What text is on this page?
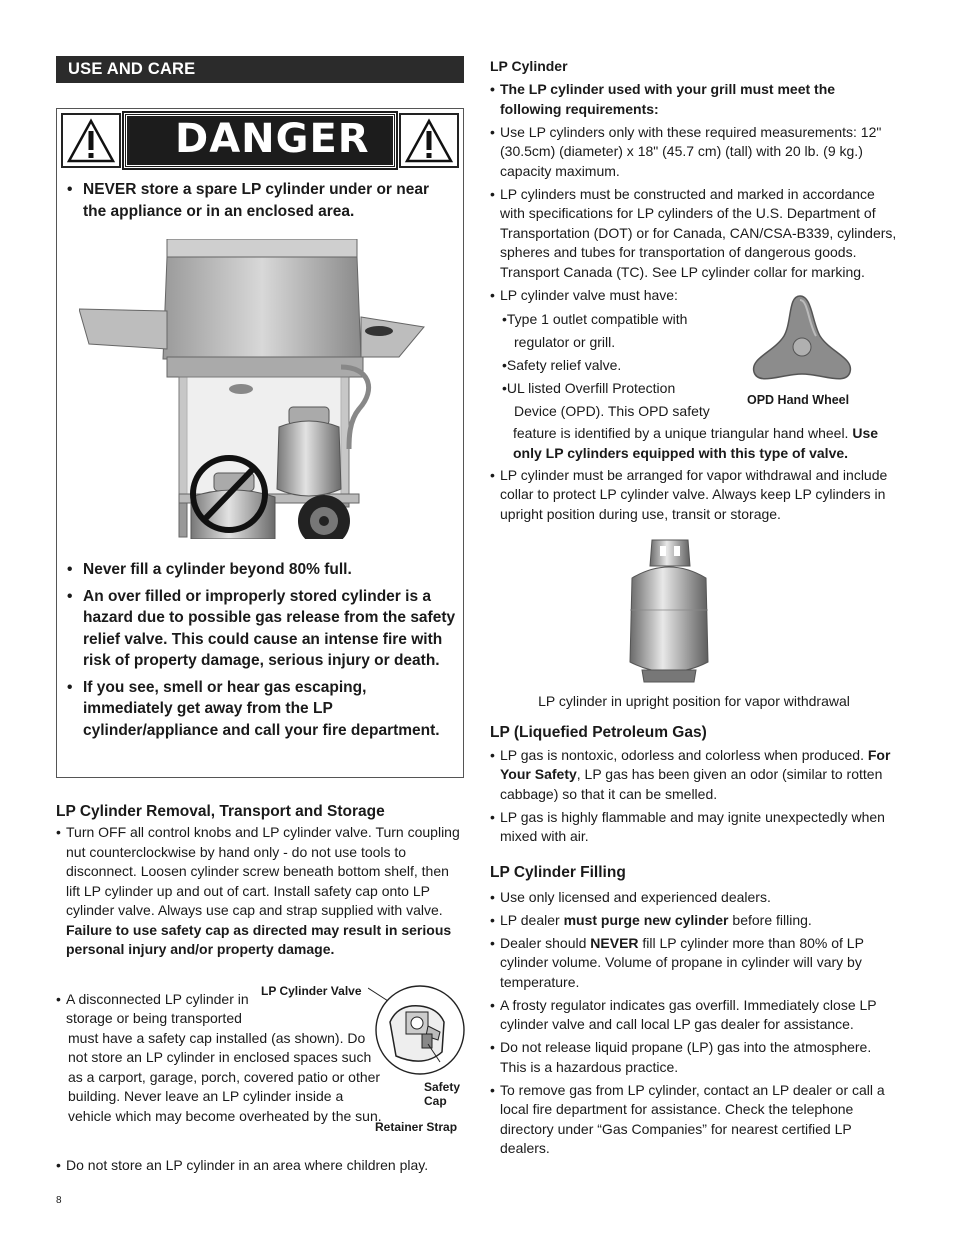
USE AND CARE
DANGER
• NEVER store a spare LP cylinder under or near the appliance or in an enclosed area.
• Never fill a cylinder beyond 80% full.
• An over filled or improperly stored cylinder is a hazard due to possible gas release from the safety relief valve. This could cause an intense fire with risk of property damage, serious injury or death.
• If you see, smell or hear gas escaping, immediately get away from the LP cylinder/appliance and call your fire department.
LP Cylinder Removal, Transport and Storage
• Turn OFF all control knobs and LP cylinder valve. Turn coupling nut counterclockwise by hand only - do not use tools to disconnect. Loosen cylinder screw beneath bottom shelf, then lift LP cylinder up and out of cart. Install safety cap onto LP cylinder valve. Always use cap and strap supplied with valve. Failure to use safety cap as directed may result in serious personal injury and/or property damage.
• A disconnected LP cylinder in storage or being transported
must have a safety cap installed (as shown). Do not store an LP cylinder in enclosed spaces such as a carport, garage, porch, covered patio or other building. Never leave an LP cylinder inside a vehicle which may become overheated by the sun.
LP Cylinder Valve
Safety Cap
Retainer Strap
• Do not store an LP cylinder in an area where children play.
8
LP Cylinder
• The LP cylinder used with your grill must meet the following requirements:
• Use LP cylinders only with these required measurements: 12" (30.5cm) (diameter) x 18" (45.7 cm) (tall) with 20 lb. (9 kg.) capacity maximum.
• LP cylinders must be constructed and marked in accordance with specifications for LP cylinders of the U.S. Department of Transportation (DOT) or for Canada, CAN/CSA-B339, cylinders, spheres and tubes for transportation of dangerous goods. Transport Canada (TC). See LP cylinder collar for marking.
• LP cylinder valve must have:
•Type 1 outlet compatible with
regulator or grill.
•Safety relief valve.
•UL listed Overfill Protection
Device (OPD). This OPD safety
OPD Hand Wheel
feature is identified by a unique triangular hand wheel. Use only LP cylinders equipped with this type of valve.
• LP cylinder must be arranged for vapor withdrawal and include collar to protect LP cylinder valve. Always keep LP cylinders in upright position during use, transit or storage.
LP cylinder in upright position for vapor withdrawal
LP (Liquefied Petroleum Gas)
• LP gas is nontoxic, odorless and colorless when produced. For Your Safety, LP gas has been given an odor (similar to rotten cabbage) so that it can be smelled.
• LP gas is highly flammable and may ignite unexpectedly when mixed with air.
LP Cylinder Filling
• Use only licensed and experienced dealers.
• LP dealer must purge new cylinder before filling.
• Dealer should NEVER fill LP cylinder more than 80% of LP cylinder volume. Volume of propane in cylinder will vary by temperature.
• A frosty regulator indicates gas overfill. Immediately close LP cylinder valve and call local LP gas dealer for assistance.
• Do not release liquid propane (LP) gas into the atmosphere. This is a hazardous practice.
• To remove gas from LP cylinder, contact an LP dealer or call a local fire department for assistance. Check the telephone directory under “Gas Companies” for nearest certified LP dealers.
